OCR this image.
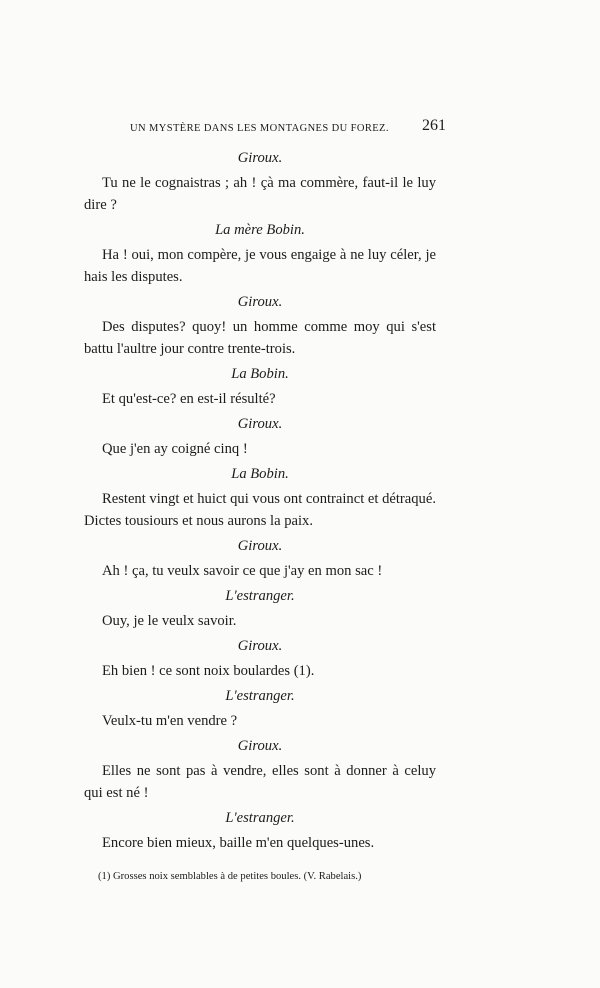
UN MYSTÈRE DANS LES MONTAGNES DU FOREZ. 261
Giroux.
Tu ne le cognaistras ; ah ! çà ma commère, faut-il le luy dire ?
La mère Bobin.
Ha ! oui, mon compère, je vous engaige à ne luy céler, je hais les disputes.
Giroux.
Des disputes? quoy! un homme comme moy qui s'est battu l'aultre jour contre trente-trois.
La Bobin.
Et qu'est-ce? en est-il résulté?
Giroux.
Que j'en ay coigné cinq !
La Bobin.
Restent vingt et huict qui vous ont contrainct et détraqué. Dictes tousiours et nous aurons la paix.
Giroux.
Ah ! ça, tu veulx savoir ce que j'ay en mon sac !
L'estranger.
Ouy, je le veulx savoir.
Giroux.
Eh bien ! ce sont noix boulardes (1).
L'estranger.
Veulx-tu m'en vendre ?
Giroux.
Elles ne sont pas à vendre, elles sont à donner à celuy qui est né !
L'estranger.
Encore bien mieux, baille m'en quelques-unes.
(1) Grosses noix semblables à de petites boules. (V. Rabelais.)
